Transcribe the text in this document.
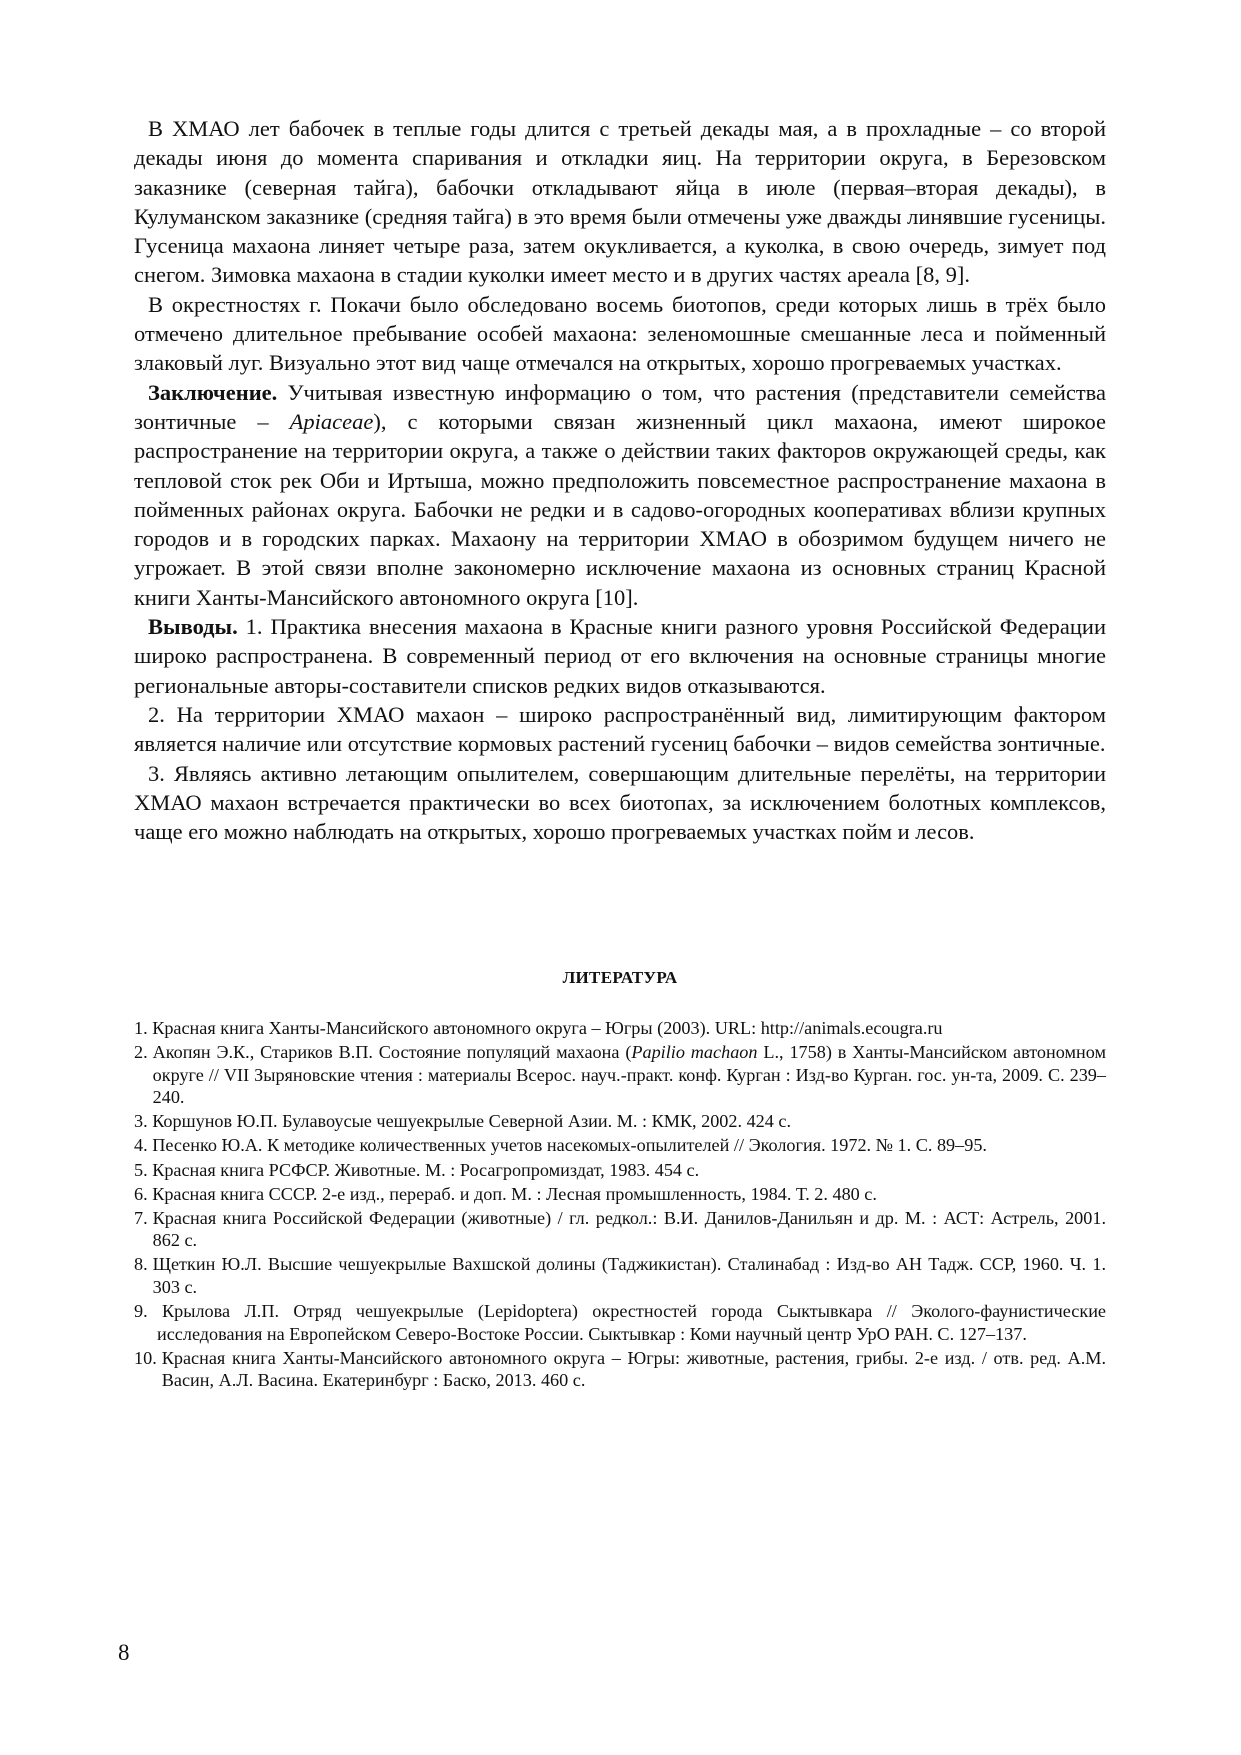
В ХМАО лет бабочек в теплые годы длится с третьей декады мая, а в прохладные – со второй декады июня до момента спаривания и откладки яиц. На территории округа, в Березовском заказнике (северная тайга), бабочки откладывают яйца в июле (первая–вторая декады), в Кулуманском заказнике (средняя тайга) в это время были отмечены уже дважды линявшие гусеницы. Гусеница махаона линяет четыре раза, затем окукливается, а куколка, в свою очередь, зимует под снегом. Зимовка махаона в стадии куколки имеет место и в других частях ареала [8, 9].

В окрестностях г. Покачи было обследовано восемь биотопов, среди которых лишь в трёх было отмечено длительное пребывание особей махаона: зеленомошные смешанные леса и пойменный злаковый луг. Визуально этот вид чаще отмечался на открытых, хорошо прогреваемых участках.

Заключение. Учитывая известную информацию о том, что растения (представители семейства зонтичные – Apiaceae), с которыми связан жизненный цикл махаона, имеют широкое распространение на территории округа, а также о действии таких факторов окружающей среды, как тепловой сток рек Оби и Иртыша, можно предположить повсеместное распространение махаона в пойменных районах округа. Бабочки не редки и в садово-огородных кооперативах вблизи крупных городов и в городских парках. Махаону на территории ХМАО в обозримом будущем ничего не угрожает. В этой связи вполне закономерно исключение махаона из основных страниц Красной книги Ханты-Мансийского автономного округа [10].

Выводы. 1. Практика внесения махаона в Красные книги разного уровня Российской Федерации широко распространена. В современный период от его включения на основные страницы многие региональные авторы-составители списков редких видов отказываются.

2. На территории ХМАО махаон – широко распространённый вид, лимитирующим фактором является наличие или отсутствие кормовых растений гусениц бабочки – видов семейства зонтичные.

3. Являясь активно летающим опылителем, совершающим длительные перелёты, на территории ХМАО махаон встречается практически во всех биотопах, за исключением болотных комплексов, чаще его можно наблюдать на открытых, хорошо прогреваемых участках пойм и лесов.

ЛИТЕРАТУРА
1. Красная книга Ханты-Мансийского автономного округа – Югры (2003). URL: http://animals.ecougra.ru
2. Акопян Э.К., Стариков В.П. Состояние популяций махаона (Papilio machaon L., 1758) в Ханты-Мансийском автономном округе // VII Зыряновские чтения : материалы Всерос. науч.-практ. конф. Курган : Изд-во Курган. гос. ун-та, 2009. С. 239–240.
3. Коршунов Ю.П. Булавоусые чешуекрылые Северной Азии. М. : КМК, 2002. 424 с.
4. Песенко Ю.А. К методике количественных учетов насекомых-опылителей // Экология. 1972. № 1. С. 89–95.
5. Красная книга РСФСР. Животные. М. : Росагропромиздат, 1983. 454 с.
6. Красная книга СССР. 2-е изд., перераб. и доп. М. : Лесная промышленность, 1984. Т. 2. 480 с.
7. Красная книга Российской Федерации (животные) / гл. редкол.: В.И. Данилов-Данильян и др. М. : АСТ: Астрель, 2001. 862 с.
8. Щеткин Ю.Л. Высшие чешуекрылые Вахшской долины (Таджикистан). Сталинабад : Изд-во АН Тадж. ССР, 1960. Ч. 1. 303 с.
9. Крылова Л.П. Отряд чешуекрылые (Lepidoptera) окрестностей города Сыктывкара // Эколого-фаунистические исследования на Европейском Северо-Востоке России. Сыктывкар : Коми научный центр УрО РАН. С. 127–137.
10. Красная книга Ханты-Мансийского автономного округа – Югры: животные, растения, грибы. 2-е изд. / отв. ред. А.М. Васин, А.Л. Васина. Екатеринбург : Баско, 2013. 460 с.
8
